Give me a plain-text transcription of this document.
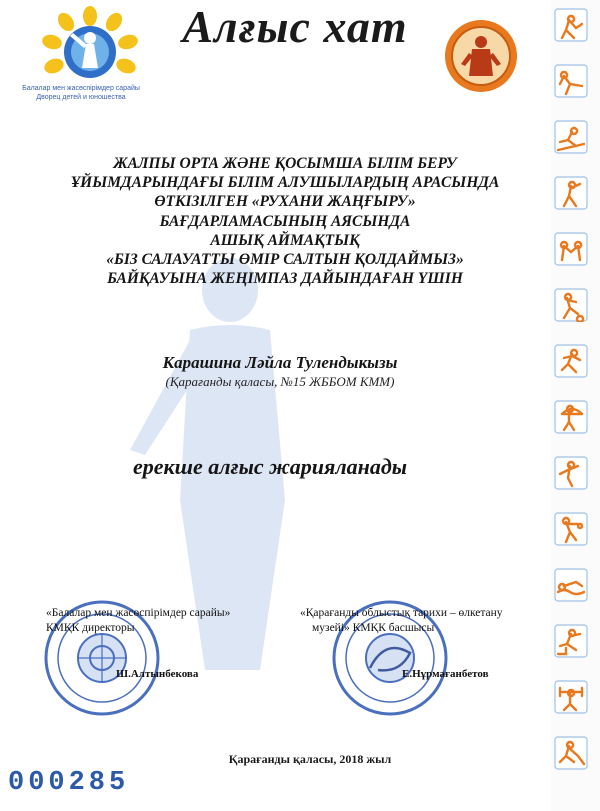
Балалар мен жасөспірімдер сарайы
Дворец детей и юношества
Алғыс хат
ЖАЛПЫ ОРТА ЖӘНЕ ҚОСЫМША БІЛІМ БЕРУ
ҰЙЫМДАРЫНДАҒЫ БІЛІМ АЛУШЫЛАРДЫҢ АРАСЫНДА
ӨТКІЗІЛГЕН «РУХАНИ ЖАҢҒЫРУ»
БАҒДАРЛАМАСЫНЫҢ АЯСЫНДА
АШЫҚ АЙМАҚТЫҚ
«БІЗ САЛАУАТТЫ ӨМІР САЛТЫН ҚОЛДАЙМЫЗ»
БАЙҚАУЫНА ЖЕҢІМПАЗ ДАЙЫНДАҒАН ҮШІН
Карашина Ләйла Тулендыкызы
(Қарағанды қаласы, №15 ЖББОМ КММ)
ерекше алғыс жарияланады
«Балалар мен жасөспірімдер сарайы»
КМҚК директоры
Ш.Алтынбекова
«Қарағанды облыстық тарихи – өлкетану
музейі» КМҚК басшысы
Е.Нұрмағанбетов
Қарағанды қаласы, 2018 жыл
000285
